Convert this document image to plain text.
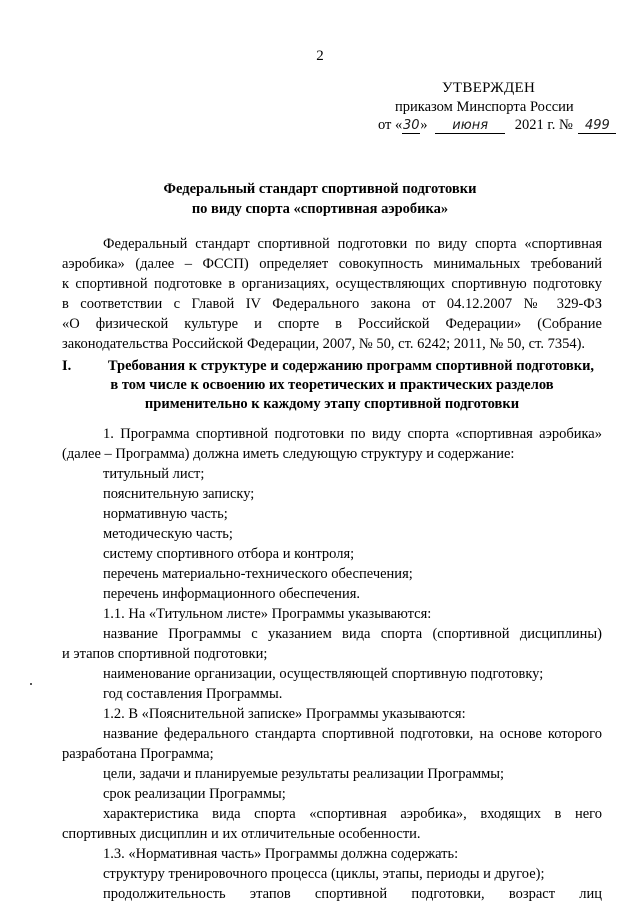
2
УТВЕРЖДЕН
приказом Минспорта России
от «30» июня 2021 г. № 499
Федеральный стандарт спортивной подготовки
по виду спорта «спортивная аэробика»
Федеральный стандарт спортивной подготовки по виду спорта «спортивная
аэробика» (далее – ФССП) определяет совокупность минимальных требований
к спортивной подготовке в организациях, осуществляющих спортивную подготовку
в соответствии с Главой IV Федерального закона от 04.12.2007 № 329-ФЗ
«О физической культуре и спорте в Российской Федерации» (Собрание
законодательства Российской Федерации, 2007, № 50, ст. 6242; 2011, № 50, ст. 7354).
I.	Требования к структуре и содержанию программ спортивной подготовки,
в том числе к освоению их теоретических и практических разделов
применительно к каждому этапу спортивной подготовки
1. Программа спортивной подготовки по виду спорта «спортивная аэробика»
(далее – Программа) должна иметь следующую структуру и содержание:
титульный лист;
пояснительную записку;
нормативную часть;
методическую часть;
систему спортивного отбора и контроля;
перечень материально-технического обеспечения;
перечень информационного обеспечения.
1.1. На «Титульном листе» Программы указываются:
название Программы с указанием вида спорта (спортивной дисциплины)
и этапов спортивной подготовки;
наименование организации, осуществляющей спортивную подготовку;
год составления Программы.
1.2. В «Пояснительной записке» Программы указываются:
название федерального стандарта спортивной подготовки, на основе которого
разработана Программа;
цели, задачи и планируемые результаты реализации Программы;
срок реализации Программы;
характеристика вида спорта «спортивная аэробика», входящих в него
спортивных дисциплин и их отличительные особенности.
1.3. «Нормативная часть» Программы должна содержать:
структуру тренировочного процесса (циклы, этапы, периоды и другое);
продолжительность этапов спортивной подготовки, возраст лиц
